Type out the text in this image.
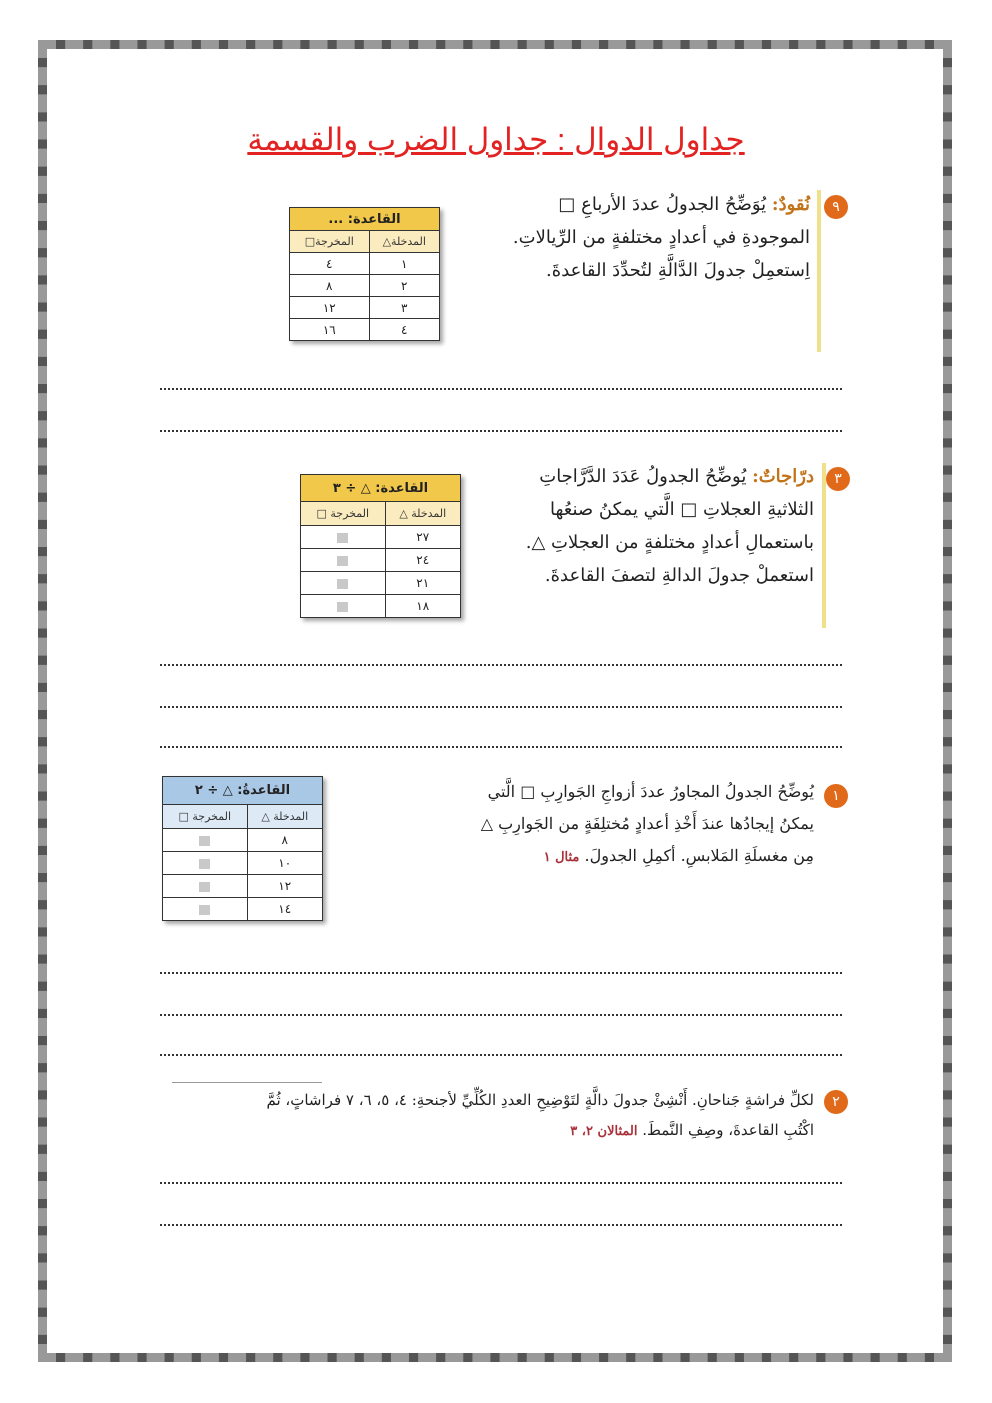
جداول الدوال : جداول الضرب والقسمة
٩
نُقودٌ: يُوَضِّحُ الجدولُ عددَ الأرباعِ □
الموجودةِ في أعدادٍ مختلفةٍ من الرِّيالاتِ.
اِستعمِلْ جدولَ الدَّالَّةِ لتُحدِّدَ القاعدةَ.
القاعدة: ...	
المدخلة△	المخرجة□
١	٤
٢	٨
٣	١٢
٤	١٦
٣
درّاجاتٌ: يُوضِّحُ الجدولُ عَدَدَ الدَّرَّاجاتِ
الثلاثيةِ العجلاتِ □ الَّتي يمكنُ صنعُها
باستعمالِ أعدادٍ مختلفةٍ من العجلاتِ △.
استعملْ جدولَ الدالةِ لتصفَ القاعدةَ.
القاعدة: △ ÷ ٣	
المدخلة △	المخرجة □
٢٧	
٢٤	
٢١	
١٨	
١
يُوضِّحُ الجدولُ المجاورُ عددَ أزواجِ الجَوارِبِ □ الَّتي
يمكنُ إيجادُها عندَ أَخْذِ أعدادٍ مُختلِفَةٍ من الجَوارِبِ △
مِن مغسلَةِ المَلابسِ. أكمِلِ الجدولَ. مثال ١
القاعدةُ: △ ÷ ٢	
المدخلة △	المخرجة □
٨	
١٠	
١٢	
١٤	
٢
لكلِّ فراشةٍ جَناحانِ. أَنْشِئْ جدولَ دالَّةٍ لتَوْضِيحِ العددِ الكُلِّيِّ لأجنحةِ: ٤، ٥، ٦، ٧ فراشاتٍ، ثُمَّ
اكْتُبِ القاعدةَ، وصِفِ النَّمطَ. المثالان ٢، ٣
